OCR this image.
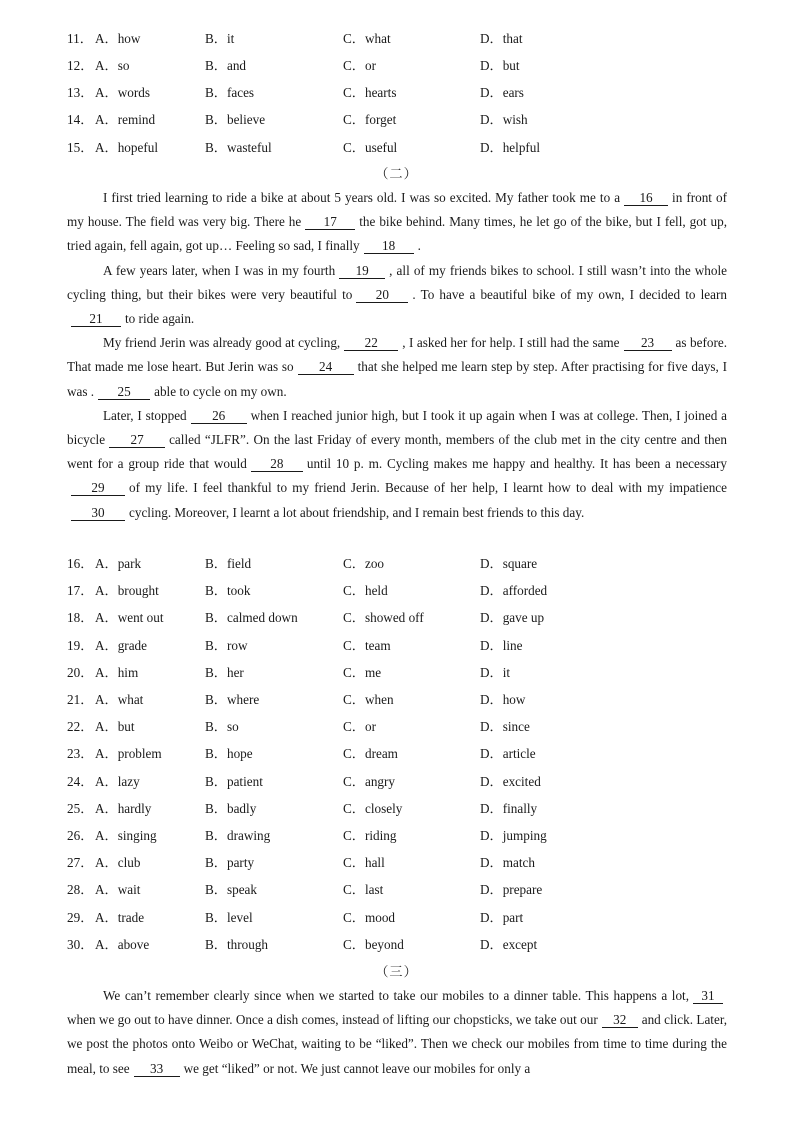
11． A．how	B．it	C．what	D．that
12． A．so	B．and	C．or	D．but
13． A．words	B．faces	C．hearts	D．ears
14． A．remind	B．believe	C．forget	D．wish
15． A．hopeful	B．wasteful	C．useful	D．helpful
（二）
I first tried learning to ride a bike at about 5 years old. I was so excited. My father took me to a 16 in front of my house. The field was very big. There he 17 the bike behind. Many times, he let go of the bike, but I fell, got up, tried again, fell again, got up… Feeling so sad, I finally 18 .
A few years later, when I was in my fourth 19 , all of my friends bikes to school. I still wasn’t into the whole cycling thing, but their bikes were very beautiful to 20 . To have a beautiful bike of my own, I decided to learn21 to ride again.
My friend Jerin was already good at cycling, 22 , I asked her for help. I still had the same 23 as before. That made me lose heart. But Jerin was so 24 that she helped me learn step by step. After practising for five days, I was . 25 able to cycle on my own.
Later, I stopped 26 when I reached junior high, but I took it up again when I was at college. Then, I joined a bicycle 27 called “JLFR”. On the last Friday of every month, members of the club met in the city centre and then went for a group ride that would 28 until 10 p. m. Cycling makes me happy and healthy. It has been a necessary29 of my life. I feel thankful to my friend Jerin. Because of her help, I learnt how to deal with my impatience30 cycling. Moreover, I learnt a lot about friendship, and I remain best friends to this day.
16． A．park	B．field	C．zoo	D．square
17． A．brought	B．took	C．held	D．afforded
18． A．went out	B．calmed down	C．showed off	D．gave up
19． A．grade	B．row	C．team	D．line
20． A．him	B．her	C．me	D．it
21． A．what	B．where	C．when	D．how
22． A．but	B．so	C．or	D．since
23． A．problem	B．hope	C．dream	D．article
24． A．lazy	B．patient	C．angry	D．excited
25． A．hardly	B．badly	C．closely	D．finally
26． A．singing	B．drawing	C．riding	D．jumping
27． A．club	B．party	C．hall	D．match
28． A．wait	B．speak	C．last	D．prepare
29． A．trade	B．level	C．mood	D．part
30． A．above	B．through	C．beyond	D．except
（三）
We can’t remember clearly since when we started to take our mobiles to a dinner table. This happens a lot, 31when we go out to have dinner. Once a dish comes, instead of lifting our chopsticks, we take out our 32 and click. Later, we post the photos onto Weibo or WeChat, waiting to be “liked”. Then we check our mobiles from time to time during the meal, to see 33 we get “liked” or not. We just cannot leave our mobiles for only a
